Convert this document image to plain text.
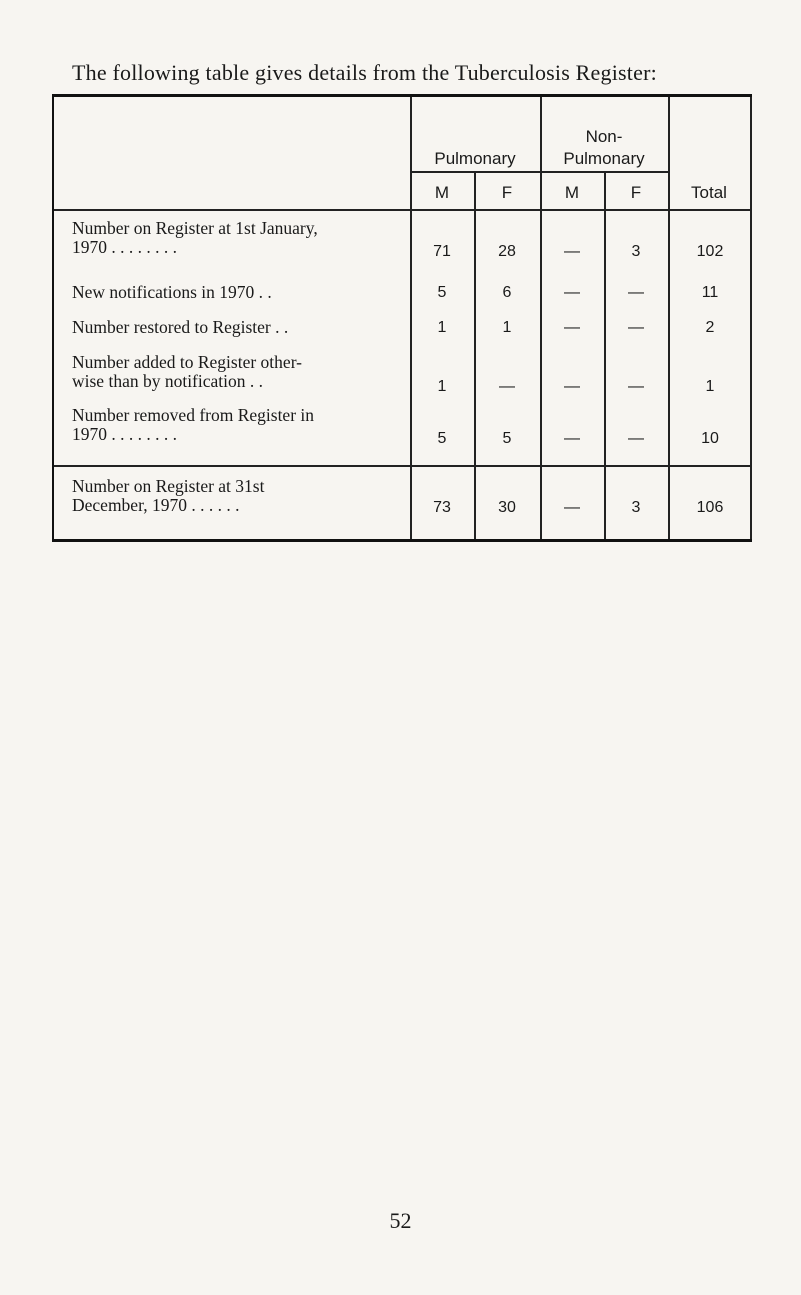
The following table gives details from the Tuberculosis Register:
Pulmonary
Non-
Pulmonary
M	F	M	F	Total
Number on Register at 1st January,
1970 . . . . . . . .	71	28	—	3	102
New notifications in 1970 . .	5	6	—	—	11
Number restored to Register . .	1	1	—	—	2
Number added to Register other-
wise than by notification . .	1	—	—	—	1
Number removed from Register in
1970 . . . . . . . .	5	5	—	—	10
Number on Register at 31st
December, 1970 . . . . . .	73	30	—	3	106
52
